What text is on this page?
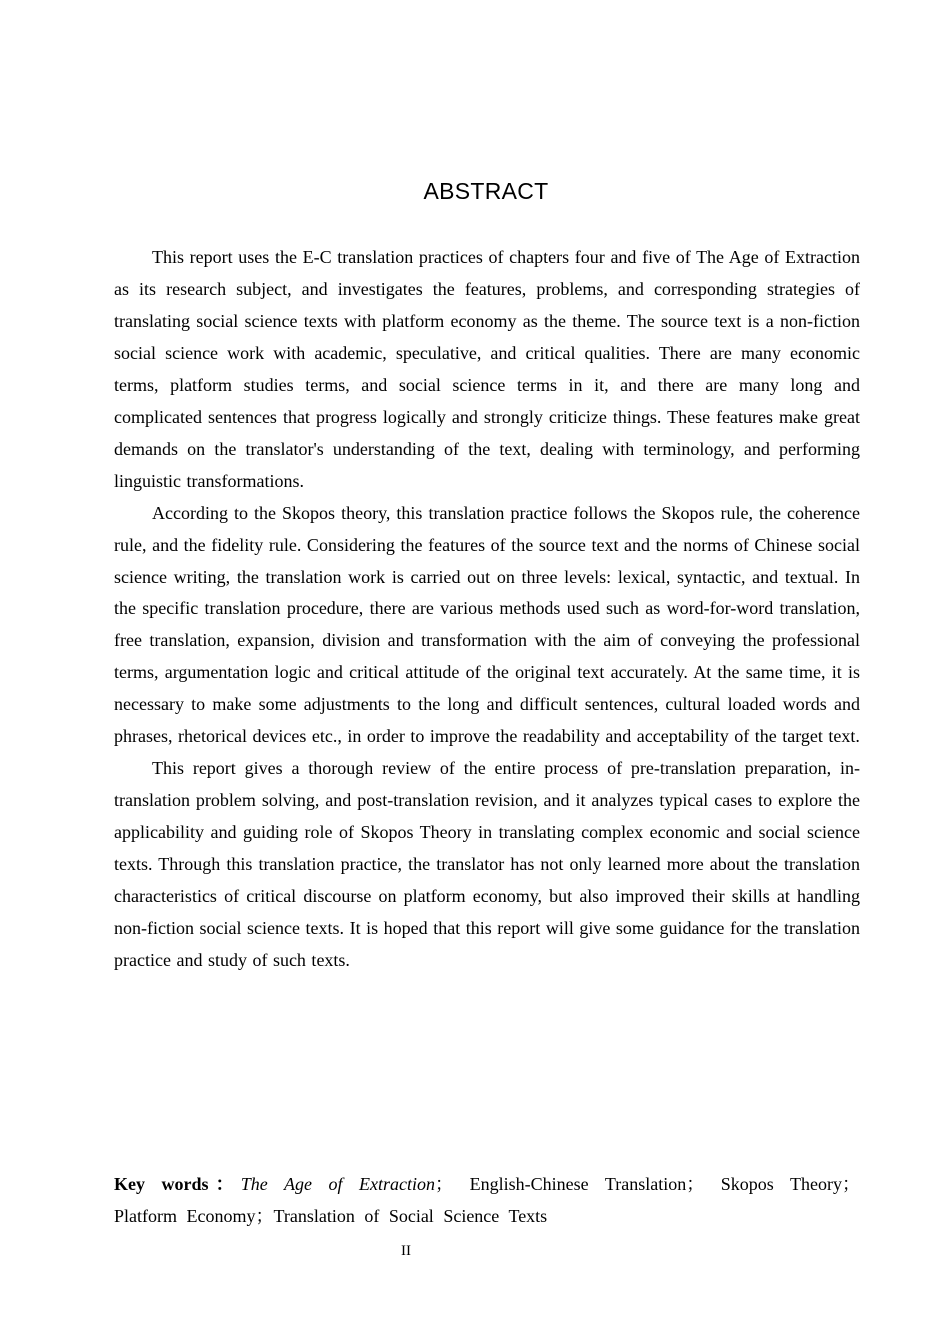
ABSTRACT

This report uses the E-C translation practices of chapters four and five of The Age of Extraction as its research subject, and investigates the features, problems, and corresponding strategies of translating social science texts with platform economy as the theme. The source text is a non-fiction social science work with academic, speculative, and critical qualities. There are many economic terms, platform studies terms, and social science terms in it, and there are many long and complicated sentences that progress logically and strongly criticize things. These features make great demands on the translator's understanding of the text, dealing with terminology, and performing linguistic transformations.

According to the Skopos theory, this translation practice follows the Skopos rule, the coherence rule, and the fidelity rule. Considering the features of the source text and the norms of Chinese social science writing, the translation work is carried out on three levels: lexical, syntactic, and textual. In the specific translation procedure, there are various methods used such as word-for-word translation, free translation, expansion, division and transformation with the aim of conveying the professional terms, argumentation logic and critical attitude of the original text accurately. At the same time, it is necessary to make some adjustments to the long and difficult sentences, cultural loaded words and phrases, rhetorical devices etc., in order to improve the readability and acceptability of the target text.

This report gives a thorough review of the entire process of pre-translation preparation, in-translation problem solving, and post-translation revision, and it analyzes typical cases to explore the applicability and guiding role of Skopos Theory in translating complex economic and social science texts. Through this translation practice, the translator has not only learned more about the translation characteristics of critical discourse on platform economy, but also improved their skills at handling non-fiction social science texts. It is hoped that this report will give some guidance for the translation practice and study of such texts.

Key words：The Age of Extraction； English-Chinese Translation； Skopos Theory； Platform Economy；Translation of Social Science Texts
II
